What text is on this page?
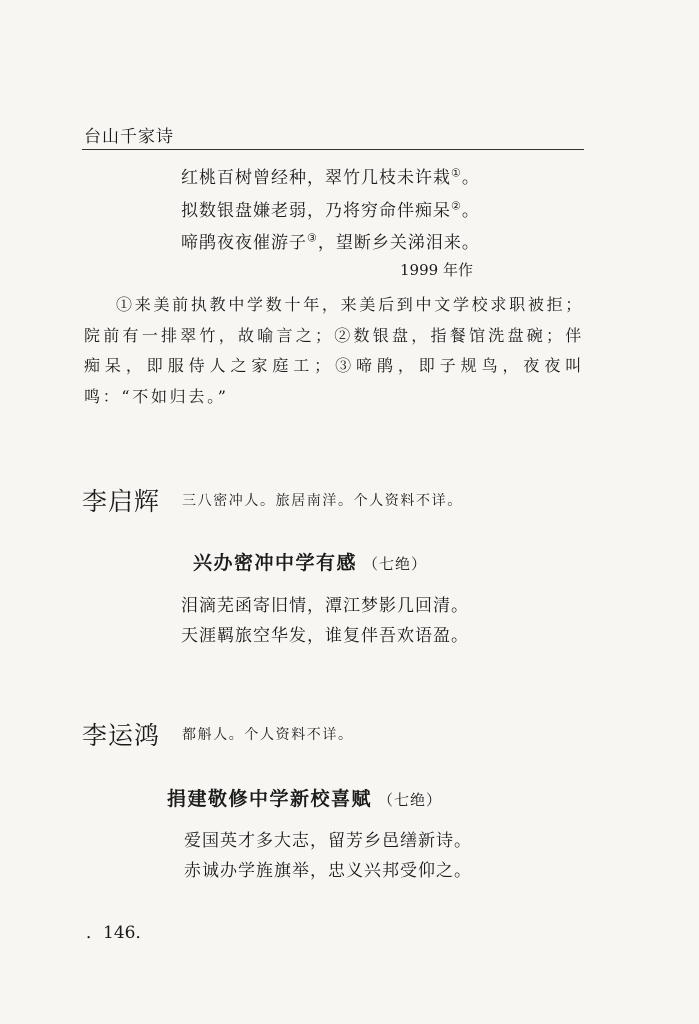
台山千家诗
红桃百树曾经种，翠竹几枝未许栽①。
拟数银盘嫌老弱，乃将穷命伴痴呆②。
啼鹃夜夜催游子③，望断乡关涕泪来。
1999 年作
①来美前执教中学数十年，来美后到中文学校求职被拒；院前有一排翠竹，故喻言之；②数银盘，指餐馆洗盘碗；伴痴呆，即服侍人之家庭工；③啼鹃，即子规鸟，夜夜叫鸣：“不如归去。”
李启辉 三八密冲人。旅居南洋。个人资料不详。
兴办密冲中学有感 （七绝）
泪滴芜函寄旧情，潭江梦影几回清。
天涯羁旅空华发，谁复伴吾欢语盈。
李运鸿 都斛人。个人资料不详。
捐建敬修中学新校喜赋 （七绝）
爱国英才多大志，留芳乡邑缮新诗。
赤诚办学旌旗举，忠义兴邦受仰之。
．146．
